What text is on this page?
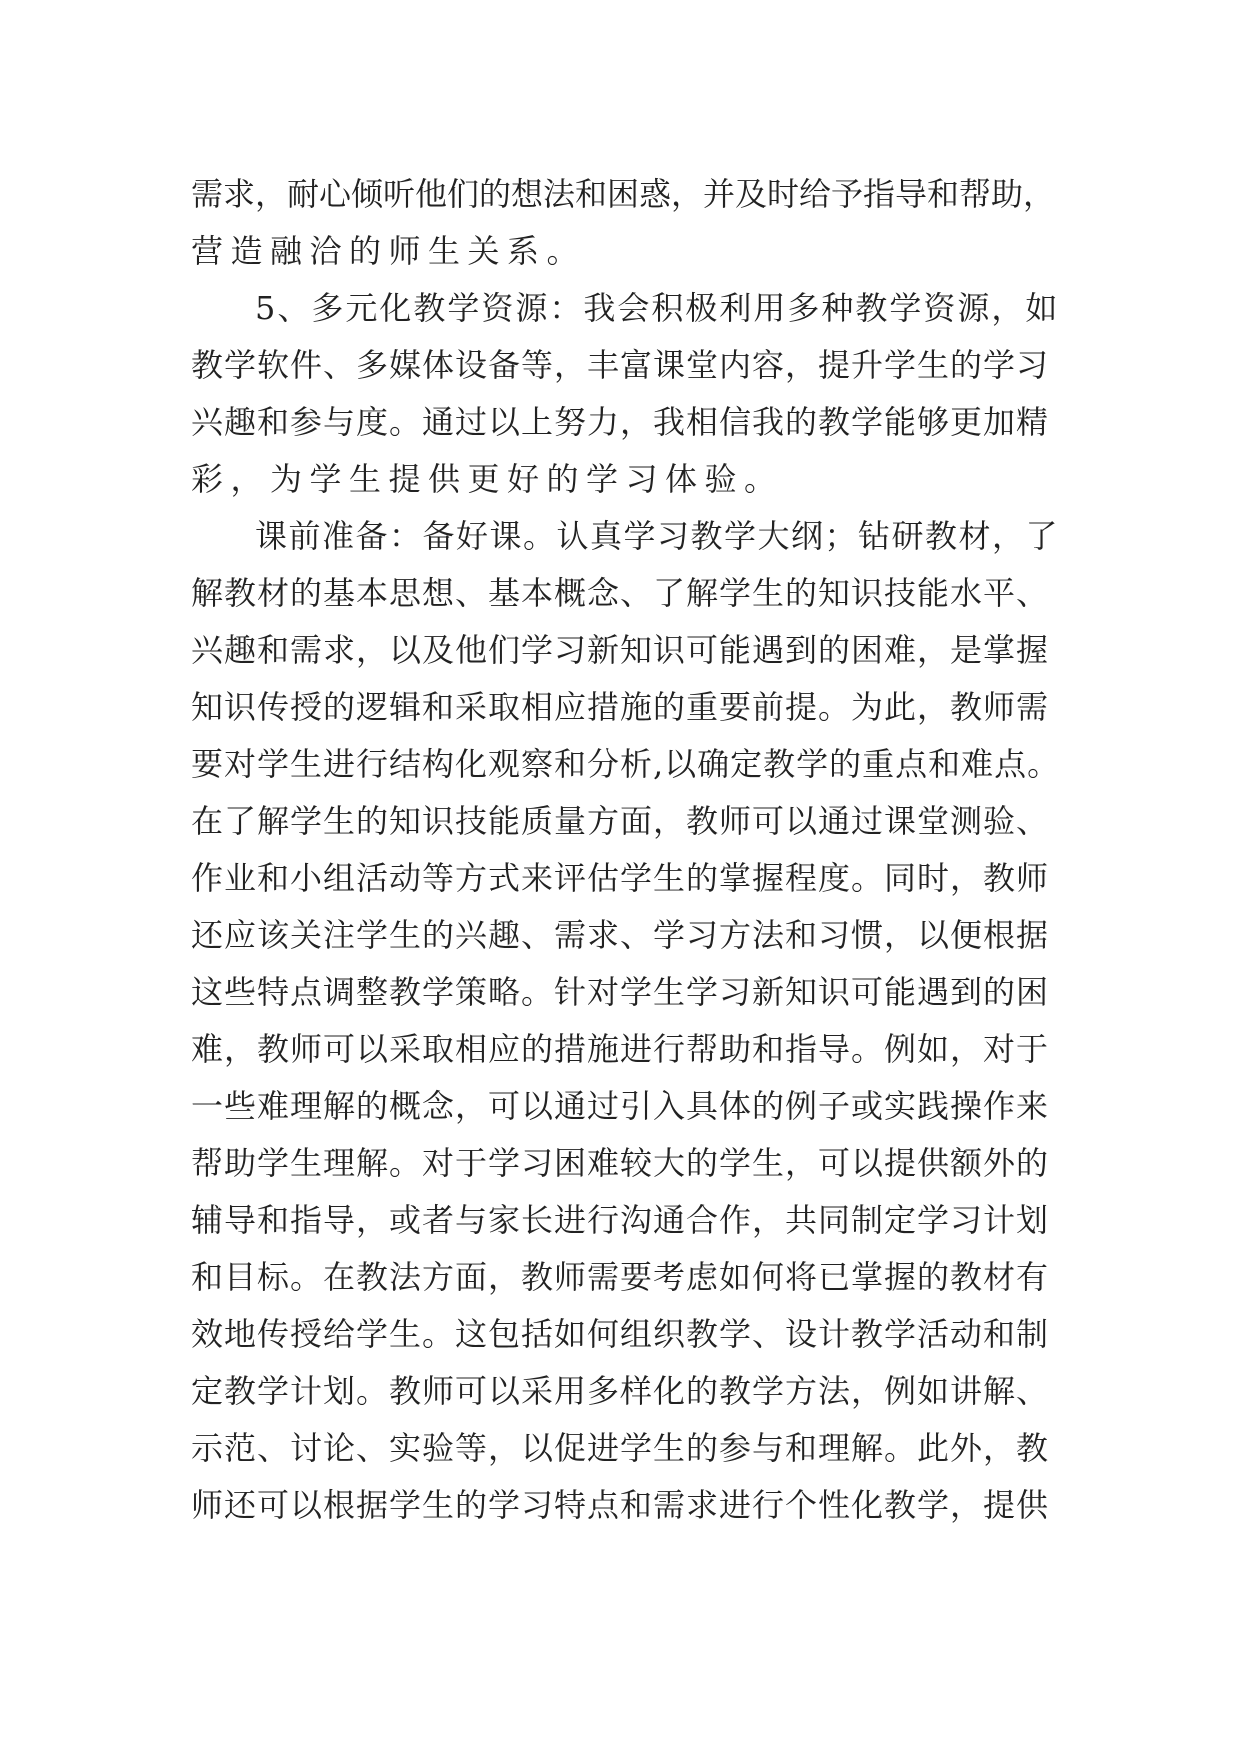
需求，耐心倾听他们的想法和困惑，并及时给予指导和帮助，
营造融洽的师生关系。
5、多元化教学资源：我会积极利用多种教学资源，如
教学软件、多媒体设备等，丰富课堂内容，提升学生的学习
兴趣和参与度。通过以上努力，我相信我的教学能够更加精
彩，为学生提供更好的学习体验。
课前准备：备好课。认真学习教学大纲；钻研教材，了
解教材的基本思想、基本概念、了解学生的知识技能水平、
兴趣和需求，以及他们学习新知识可能遇到的困难，是掌握
知识传授的逻辑和采取相应措施的重要前提。为此，教师需
要对学生进行结构化观察和分析,以确定教学的重点和难点。
在了解学生的知识技能质量方面，教师可以通过课堂测验、
作业和小组活动等方式来评估学生的掌握程度。同时，教师
还应该关注学生的兴趣、需求、学习方法和习惯，以便根据
这些特点调整教学策略。针对学生学习新知识可能遇到的困
难，教师可以采取相应的措施进行帮助和指导。例如，对于
一些难理解的概念，可以通过引入具体的例子或实践操作来
帮助学生理解。对于学习困难较大的学生，可以提供额外的
辅导和指导，或者与家长进行沟通合作，共同制定学习计划
和目标。在教法方面，教师需要考虑如何将已掌握的教材有
效地传授给学生。这包括如何组织教学、设计教学活动和制
定教学计划。教师可以采用多样化的教学方法，例如讲解、
示范、讨论、实验等，以促进学生的参与和理解。此外，教
师还可以根据学生的学习特点和需求进行个性化教学，提供
